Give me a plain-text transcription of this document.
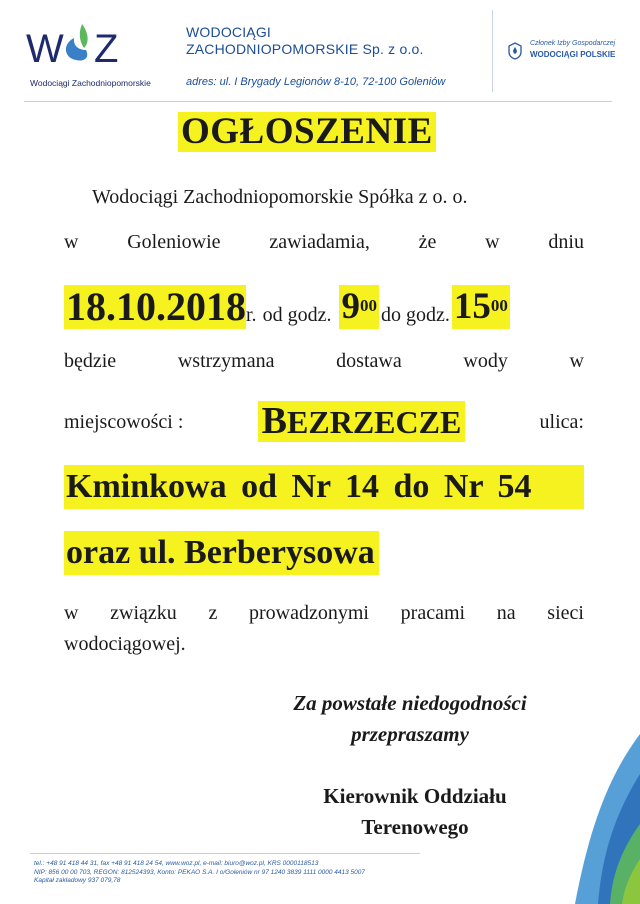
W Z
Wodociągi Zachodniopomorskie
WODOCIĄGI
ZACHODNIOPOMORSKIE Sp. z o.o.
adres: ul. I Brygady Legionów 8-10, 72-100 Goleniów
Członek Izby Gospodarczej
WODOCIĄGI POLSKIE
OGŁOSZENIE
Wodociągi Zachodniopomorskie Spółka z o. o.
w Goleniowie zawiadamia, że w dniu
18.10.2018 r. od godz. $9^{00}$ do godz. $15^{00}$
będzie	wstrzymana	dostawa	wody	w
miejscowości : BEZRZECZE	ulica:
Kminkowa od Nr 14 do Nr 54
oraz ul. Berberysowa
w związku z prowadzonymi pracami na sieci
wodociągowej.
Za powstałe niedogodności
przepraszamy
Kierownik Oddziału
Terenowego
tel.: +48 91 418 44 31, fax +48 91 418 24 54, www.woz.pl, e-mail: biuro@woz.pl, KRS 0000118513
NIP: 856 00 00 703, REGON: 812524393, Konto: PEKAO S.A. I o/Goleniów nr 97 1240 3839 1111 0000 4413 5007
Kapitał zakładowy 937 079,78
